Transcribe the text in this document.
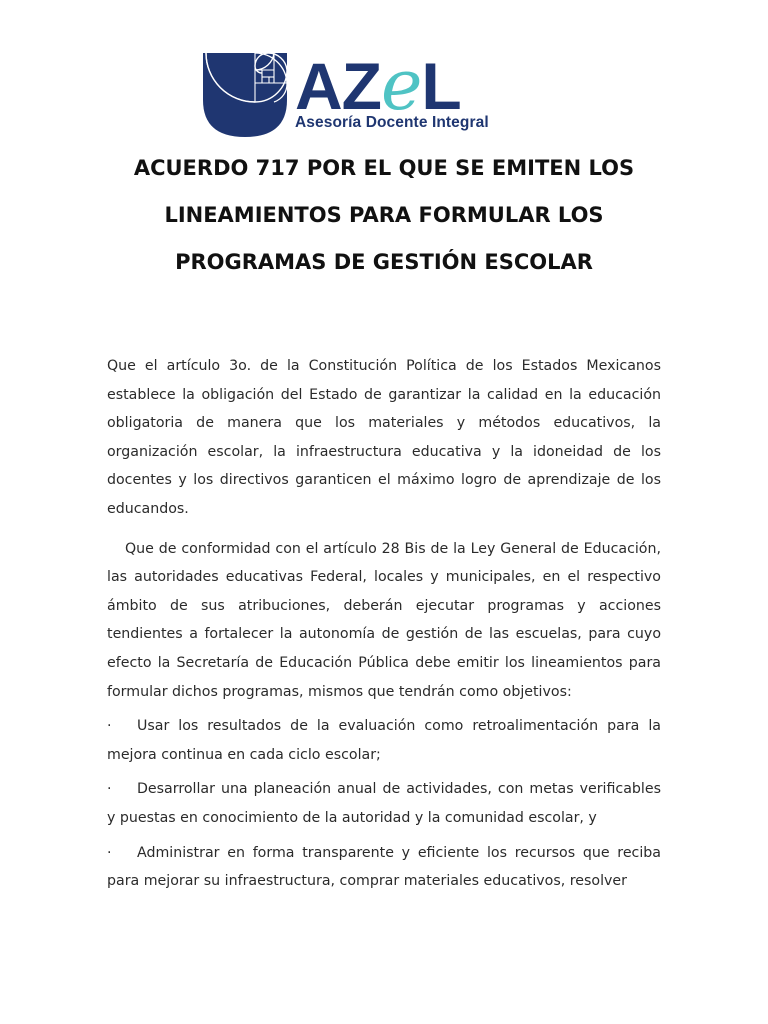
AZeL
Asesoría Docente Integral
ACUERDO 717 POR EL QUE SE EMITEN LOS
LINEAMIENTOS PARA FORMULAR LOS
PROGRAMAS DE GESTIÓN ESCOLAR

Que el artículo 3o. de la Constitución Política de los Estados Mexicanos establece la obligación del Estado de garantizar la calidad en la educación obligatoria de manera que los materiales y métodos educativos, la organización escolar, la infraestructura educativa y la idoneidad de los docentes y los directivos garanticen el máximo logro de aprendizaje de los educandos.

Que de conformidad con el artículo 28 Bis de la Ley General de Educación, las autoridades educativas Federal, locales y municipales, en el respectivo ámbito de sus atribuciones, deberán ejecutar programas y acciones tendientes a fortalecer la autonomía de gestión de las escuelas, para cuyo efecto la Secretaría de Educación Pública debe emitir los lineamientos para formular dichos programas, mismos que tendrán como objetivos:

· Usar los resultados de la evaluación como retroalimentación para la mejora continua en cada ciclo escolar;

· Desarrollar una planeación anual de actividades, con metas verificables y puestas en conocimiento de la autoridad y la comunidad escolar, y

· Administrar en forma transparente y eficiente los recursos que reciba para mejorar su infraestructura, comprar materiales educativos, resolver
